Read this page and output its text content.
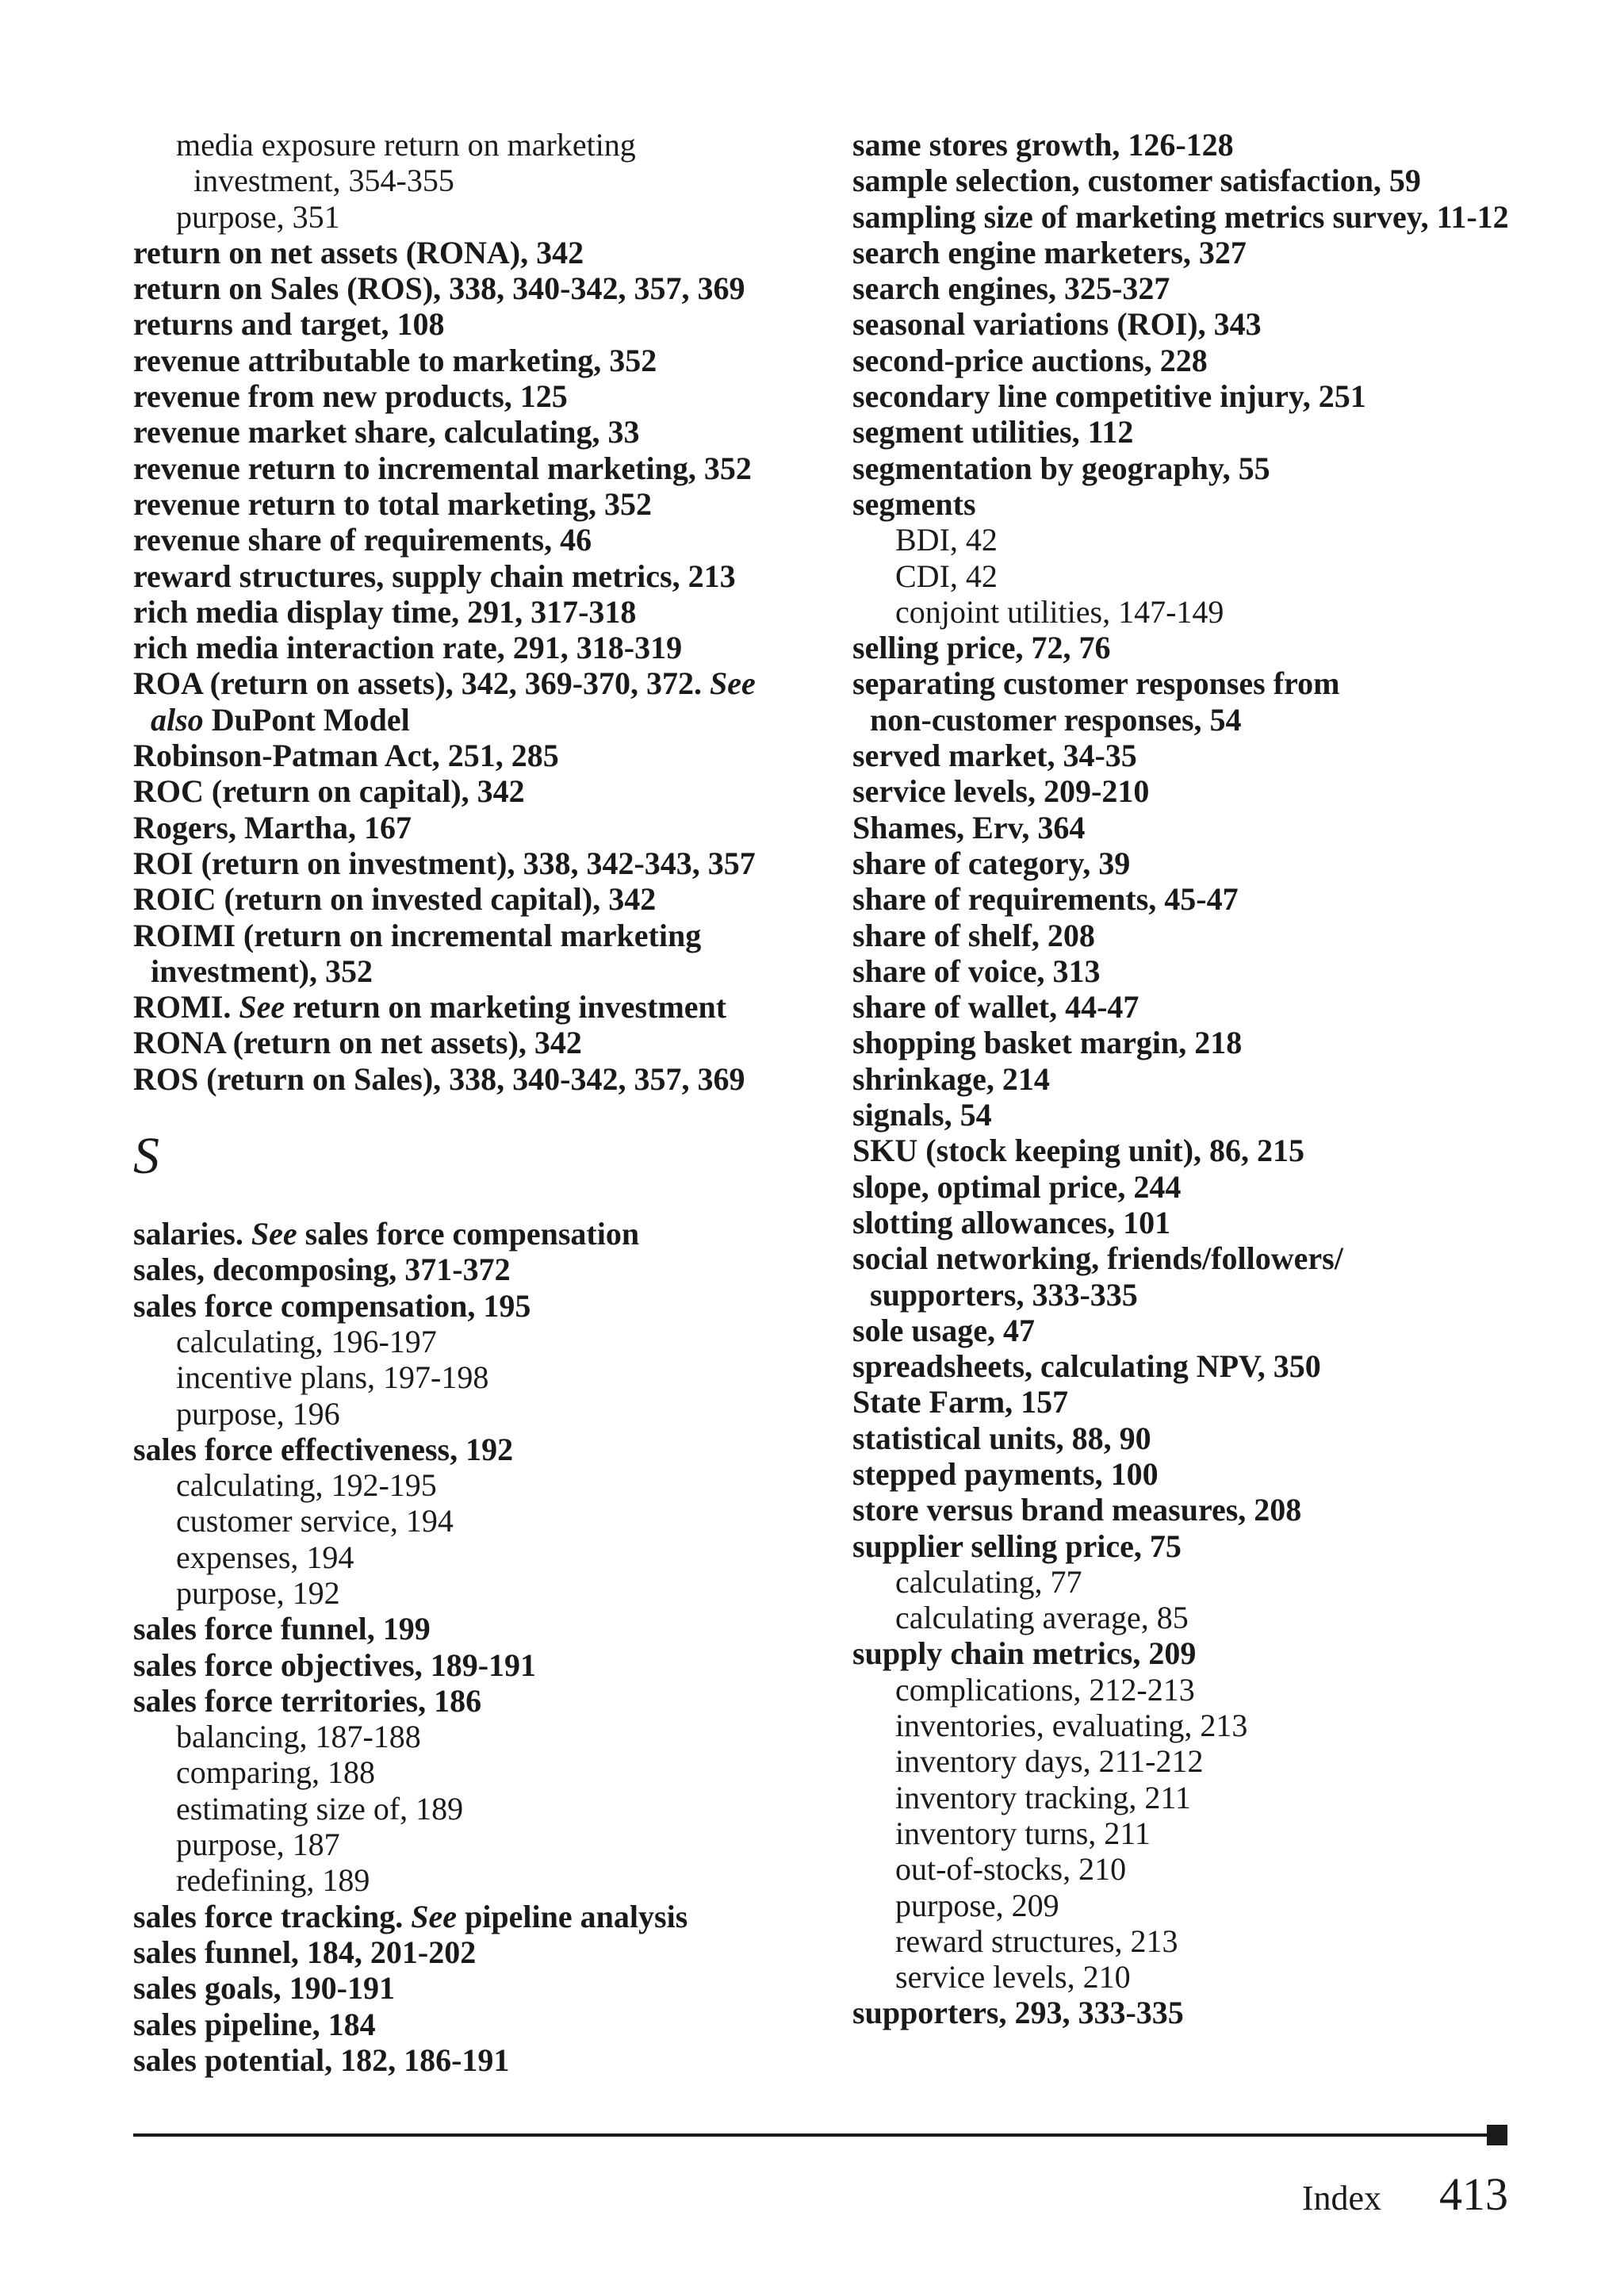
media exposure return on marketing
investment, 354-355
purpose, 351
return on net assets (RONA), 342
return on Sales (ROS), 338, 340-342, 357, 369
returns and target, 108
revenue attributable to marketing, 352
revenue from new products, 125
revenue market share, calculating, 33
revenue return to incremental marketing, 352
revenue return to total marketing, 352
revenue share of requirements, 46
reward structures, supply chain metrics, 213
rich media display time, 291, 317-318
rich media interaction rate, 291, 318-319
ROA (return on assets), 342, 369-370, 372. See
also DuPont Model
Robinson-Patman Act, 251, 285
ROC (return on capital), 342
Rogers, Martha, 167
ROI (return on investment), 338, 342-343, 357
ROIC (return on invested capital), 342
ROIMI (return on incremental marketing
investment), 352
ROMI. See return on marketing investment
RONA (return on net assets), 342
ROS (return on Sales), 338, 340-342, 357, 369
S
salaries. See sales force compensation
sales, decomposing, 371-372
sales force compensation, 195
calculating, 196-197
incentive plans, 197-198
purpose, 196
sales force effectiveness, 192
calculating, 192-195
customer service, 194
expenses, 194
purpose, 192
sales force funnel, 199
sales force objectives, 189-191
sales force territories, 186
balancing, 187-188
comparing, 188
estimating size of, 189
purpose, 187
redefining, 189
sales force tracking. See pipeline analysis
sales funnel, 184, 201-202
sales goals, 190-191
sales pipeline, 184
sales potential, 182, 186-191
same stores growth, 126-128
sample selection, customer satisfaction, 59
sampling size of marketing metrics survey, 11-12
search engine marketers, 327
search engines, 325-327
seasonal variations (ROI), 343
second-price auctions, 228
secondary line competitive injury, 251
segment utilities, 112
segmentation by geography, 55
segments
BDI, 42
CDI, 42
conjoint utilities, 147-149
selling price, 72, 76
separating customer responses from
non-customer responses, 54
served market, 34-35
service levels, 209-210
Shames, Erv, 364
share of category, 39
share of requirements, 45-47
share of shelf, 208
share of voice, 313
share of wallet, 44-47
shopping basket margin, 218
shrinkage, 214
signals, 54
SKU (stock keeping unit), 86, 215
slope, optimal price, 244
slotting allowances, 101
social networking, friends/followers/
supporters, 333-335
sole usage, 47
spreadsheets, calculating NPV, 350
State Farm, 157
statistical units, 88, 90
stepped payments, 100
store versus brand measures, 208
supplier selling price, 75
calculating, 77
calculating average, 85
supply chain metrics, 209
complications, 212-213
inventories, evaluating, 213
inventory days, 211-212
inventory tracking, 211
inventory turns, 211
out-of-stocks, 210
purpose, 209
reward structures, 213
service levels, 210
supporters, 293, 333-335
Index 413
